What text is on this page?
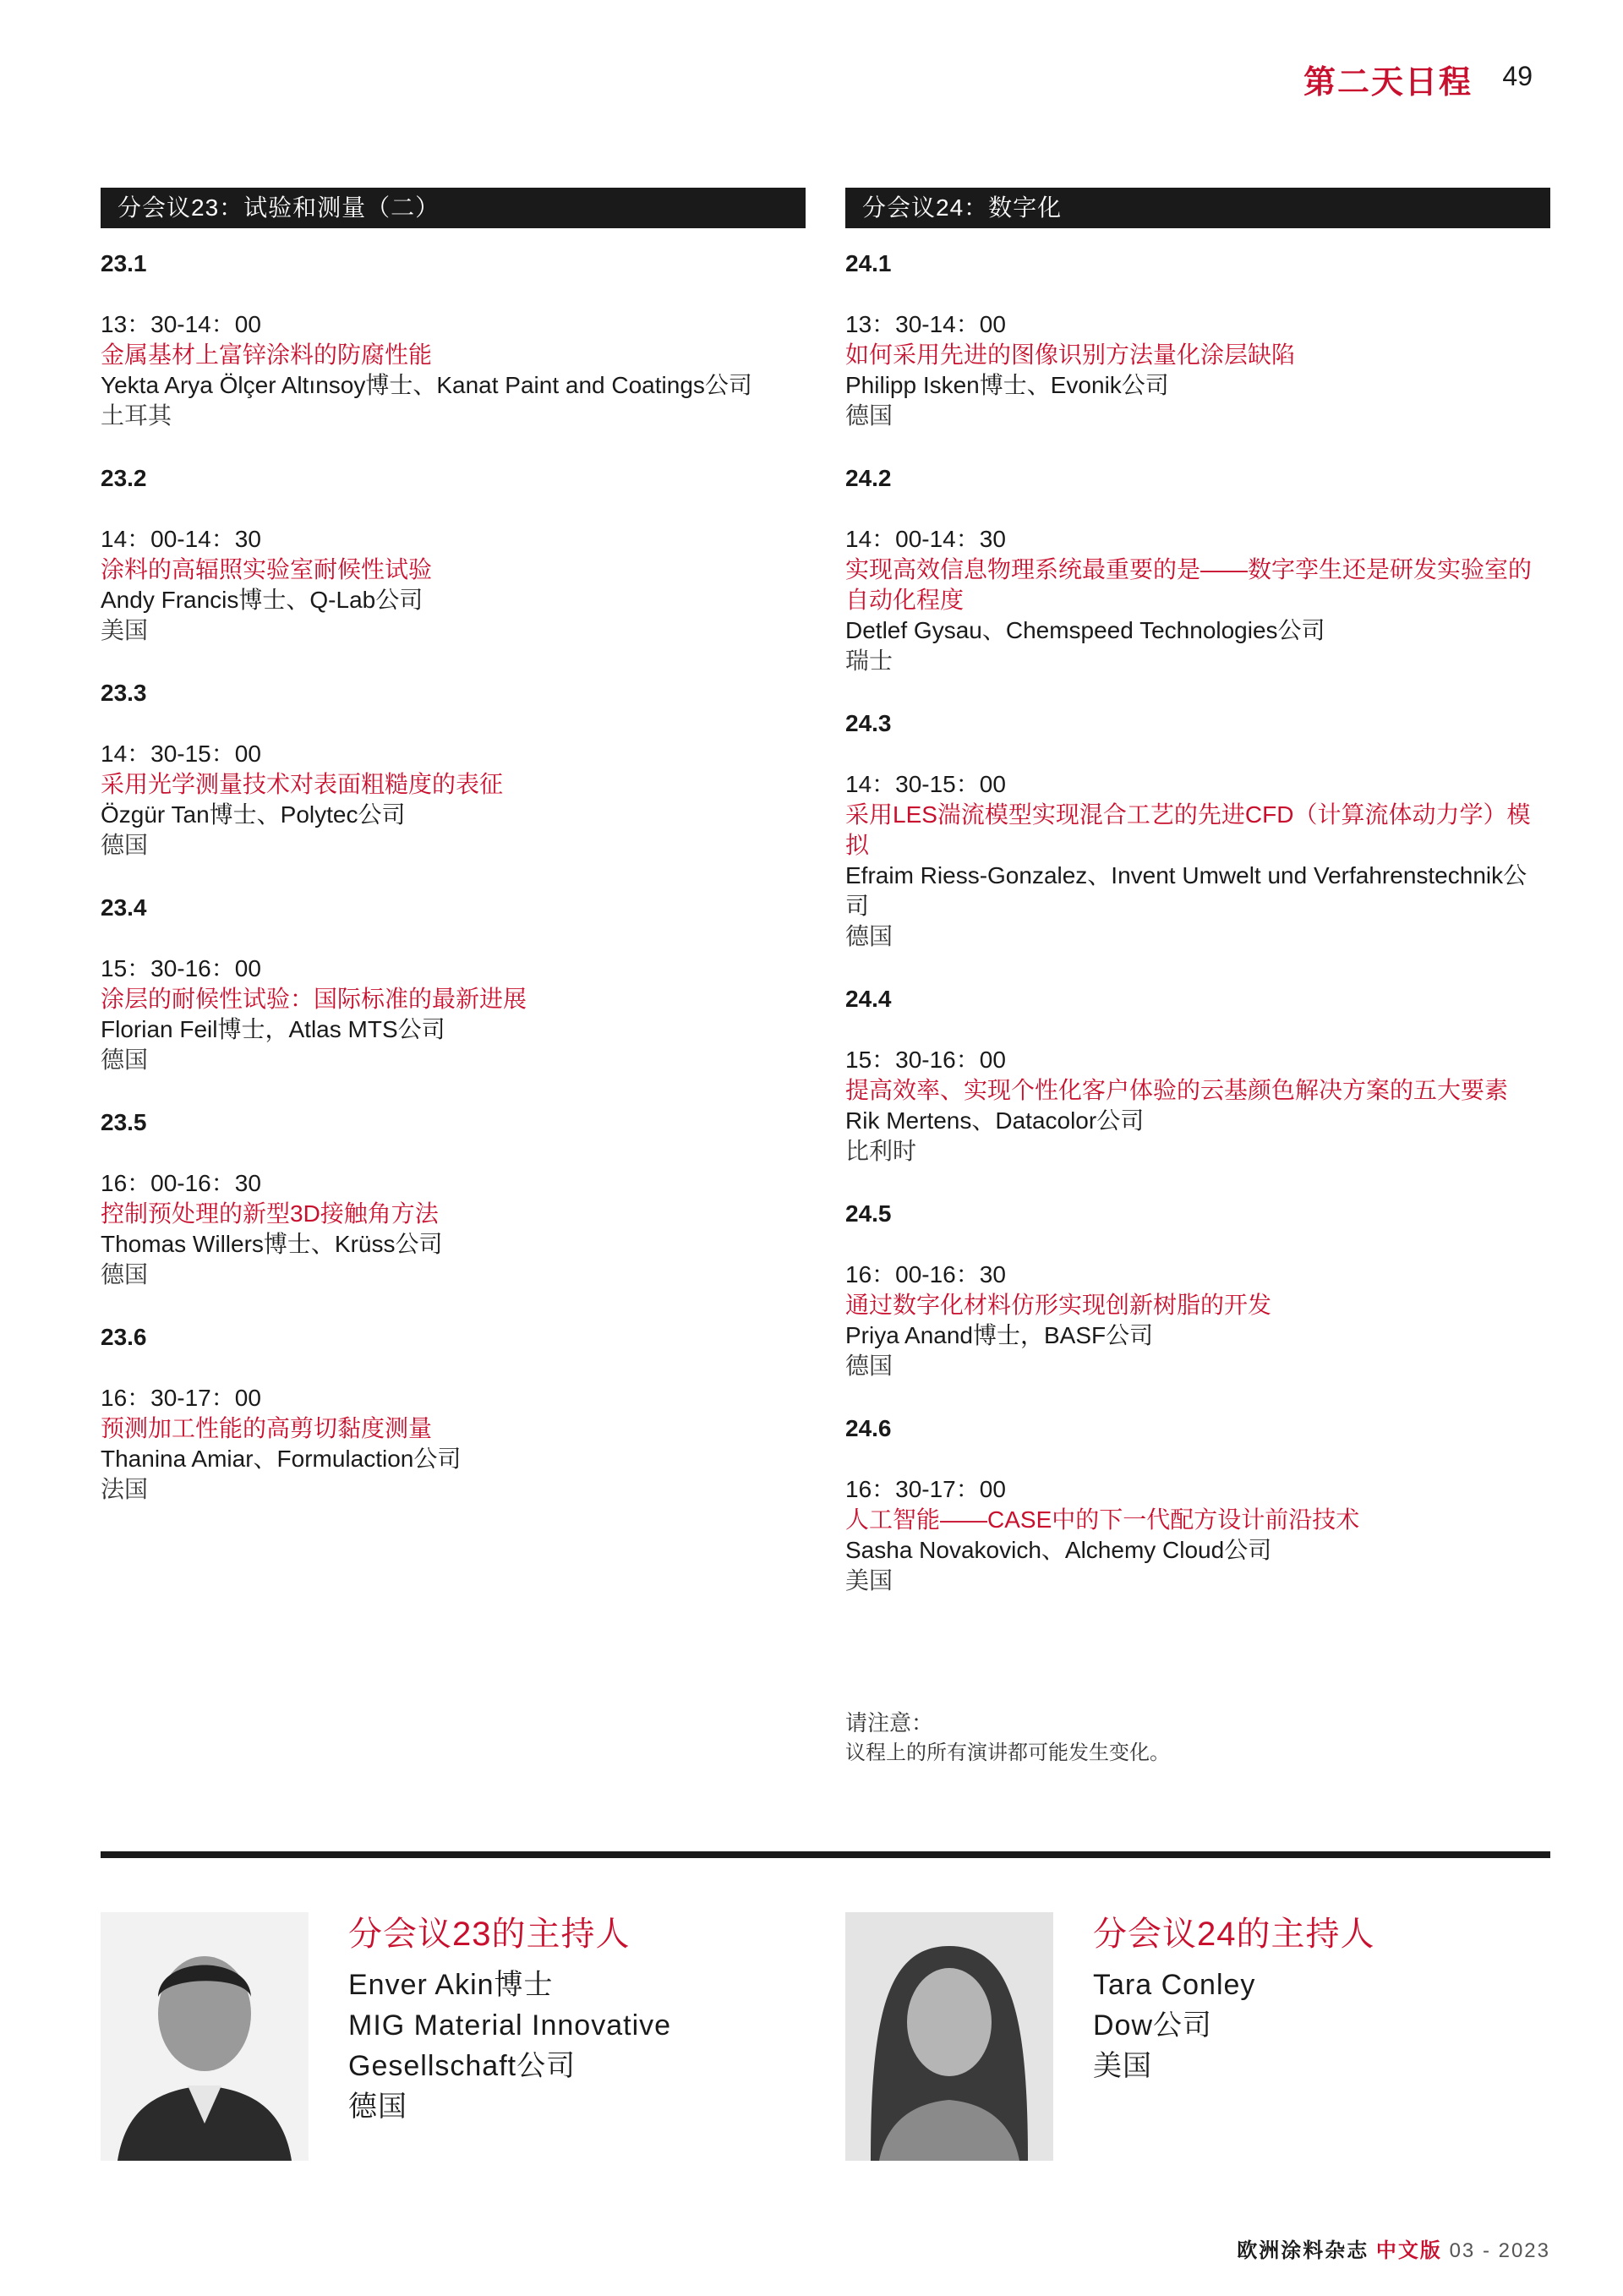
第二天日程 49
分会议23：试验和测量（二）
23.1
13：30-14：00
金属基材上富锌涂料的防腐性能
Yekta Arya Ölçer Altınsoy博士、Kanat Paint and Coatings公司
土耳其
23.2
14：00-14：30
涂料的高辐照实验室耐候性试验
Andy Francis博士、Q-Lab公司
美国
23.3
14：30-15：00
采用光学测量技术对表面粗糙度的表征
Özgür Tan博士、Polytec公司
德国
23.4
15：30-16：00
涂层的耐候性试验：国际标准的最新进展
Florian Feil博士，Atlas MTS公司
德国
23.5
16：00-16：30
控制预处理的新型3D接触角方法
Thomas Willers博士、Krüss公司
德国
23.6
16：30-17：00
预测加工性能的高剪切黏度测量
Thanina Amiar、Formulaction公司
法国
分会议24：数字化
24.1
13：30-14：00
如何采用先进的图像识别方法量化涂层缺陷
Philipp Isken博士、Evonik公司
德国
24.2
14：00-14：30
实现高效信息物理系统最重要的是——数字孪生还是研发实验室的自动化程度
Detlef Gysau、Chemspeed Technologies公司
瑞士
24.3
14：30-15：00
采用LES湍流模型实现混合工艺的先进CFD（计算流体动力学）模拟
Efraim Riess-Gonzalez、Invent Umwelt und Verfahrenstechnik公司
德国
24.4
15：30-16：00
提高效率、实现个性化客户体验的云基颜色解决方案的五大要素
Rik Mertens、Datacolor公司
比利时
24.5
16：00-16：30
通过数字化材料仿形实现创新树脂的开发
Priya Anand博士，BASF公司
德国
24.6
16：30-17：00
人工智能——CASE中的下一代配方设计前沿技术
Sasha Novakovich、Alchemy Cloud公司
美国
请注意：
议程上的所有演讲都可能发生变化。
分会议23的主持人
Enver Akin博士
MIG Material Innovative
Gesellschaft公司
德国
分会议24的主持人
Tara Conley
Dow公司
美国
欧洲涂料杂志 中文版 03 - 2023
